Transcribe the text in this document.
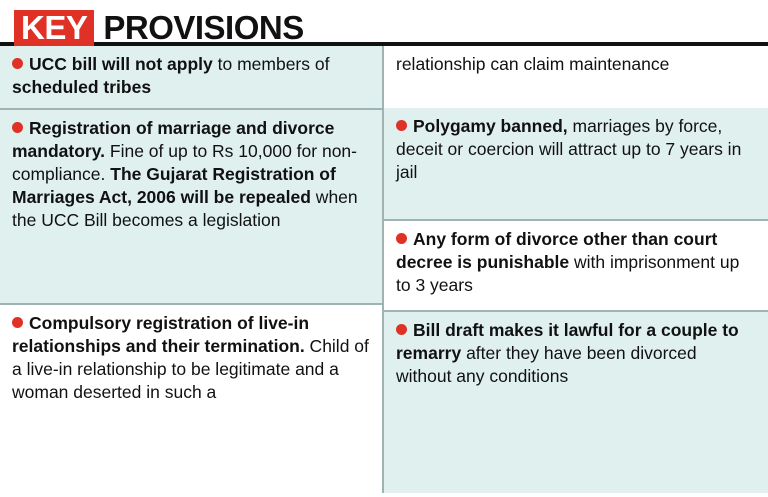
KEY PROVISIONS
UCC bill will not apply to members of scheduled tribes
Registration of marriage and divorce mandatory. Fine of up to Rs 10,000 for non-compliance. The Gujarat Registration of Marriages Act, 2006 will be repealed when the UCC Bill becomes a legislation
Compulsory registration of live-in relationships and their termination. Child of a live-in relationship to be legitimate and a woman deserted in such a
relationship can claim maintenance
Polygamy banned, marriages by force, deceit or coercion will attract up to 7 years in jail
Any form of divorce other than court decree is punishable with imprisonment up to 3 years
Bill draft makes it lawful for a couple to remarry after they have been divorced without any conditions
